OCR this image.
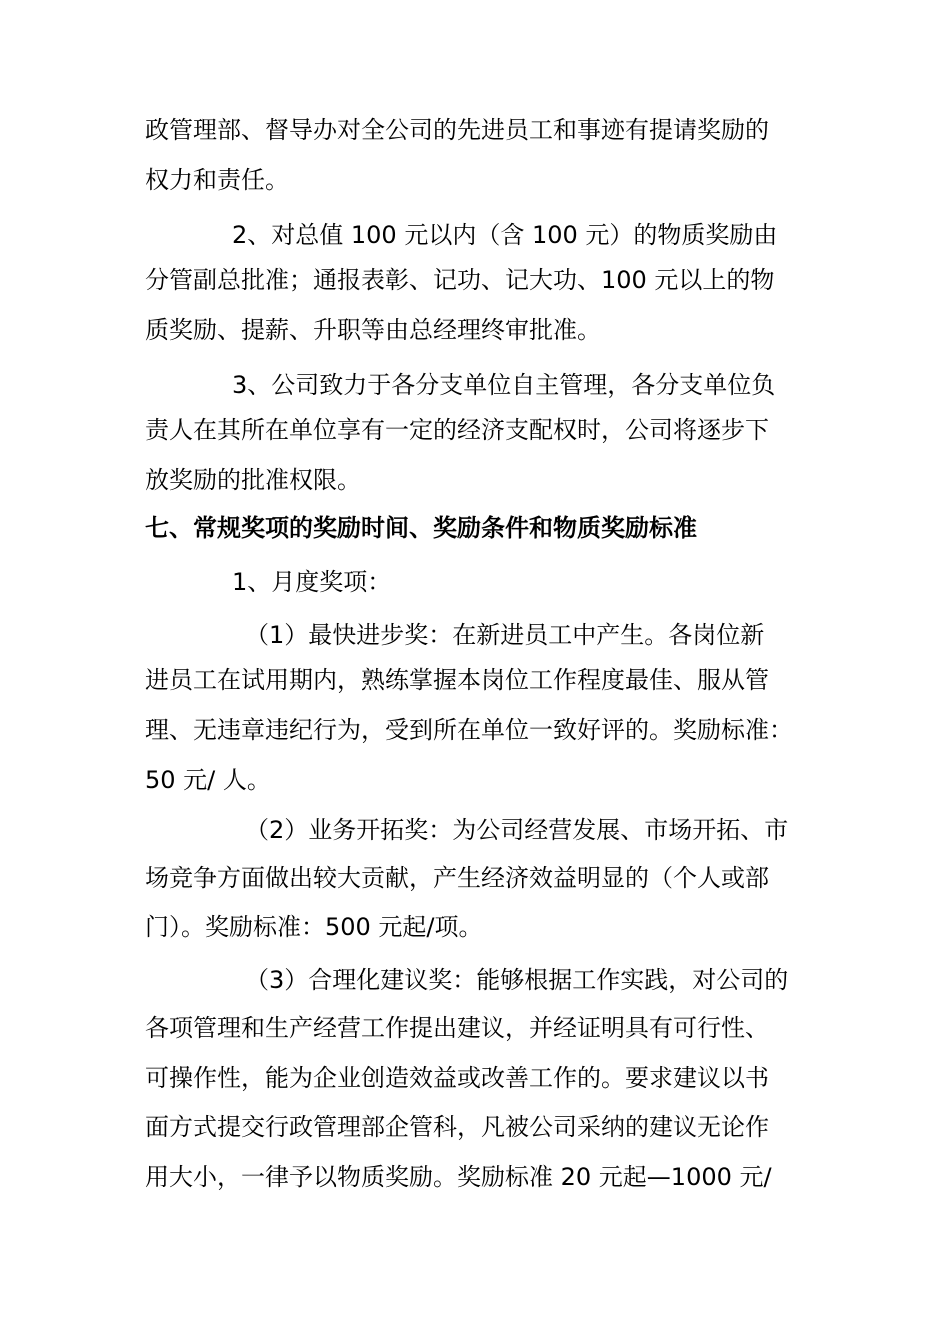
政管理部、督导办对全公司的先进员工和事迹有提请奖励的
权力和责任。
2、对总值 100 元以内（含 100 元）的物质奖励由
分管副总批准；通报表彰、记功、记大功、100 元以上的物
质奖励、提薪、升职等由总经理终审批准。
3、公司致力于各分支单位自主管理，各分支单位负
责人在其所在单位享有一定的经济支配权时，公司将逐步下
放奖励的批准权限。
七、常规奖项的奖励时间、奖励条件和物质奖励标准
1、月度奖项：
（1）最快进步奖：在新进员工中产生。各岗位新
进员工在试用期内，熟练掌握本岗位工作程度最佳、服从管
理、无违章违纪行为，受到所在单位一致好评的。奖励标准：
50 元/ 人。
（2）业务开拓奖：为公司经营发展、市场开拓、市
场竞争方面做出较大贡献，产生经济效益明显的（个人或部
门）。奖励标准：500 元起/项。
（3）合理化建议奖：能够根据工作实践，对公司的
各项管理和生产经营工作提出建议，并经证明具有可行性、
可操作性，能为企业创造效益或改善工作的。要求建议以书
面方式提交行政管理部企管科，凡被公司采纳的建议无论作
用大小，一律予以物质奖励。奖励标准 20 元起—1000 元/
